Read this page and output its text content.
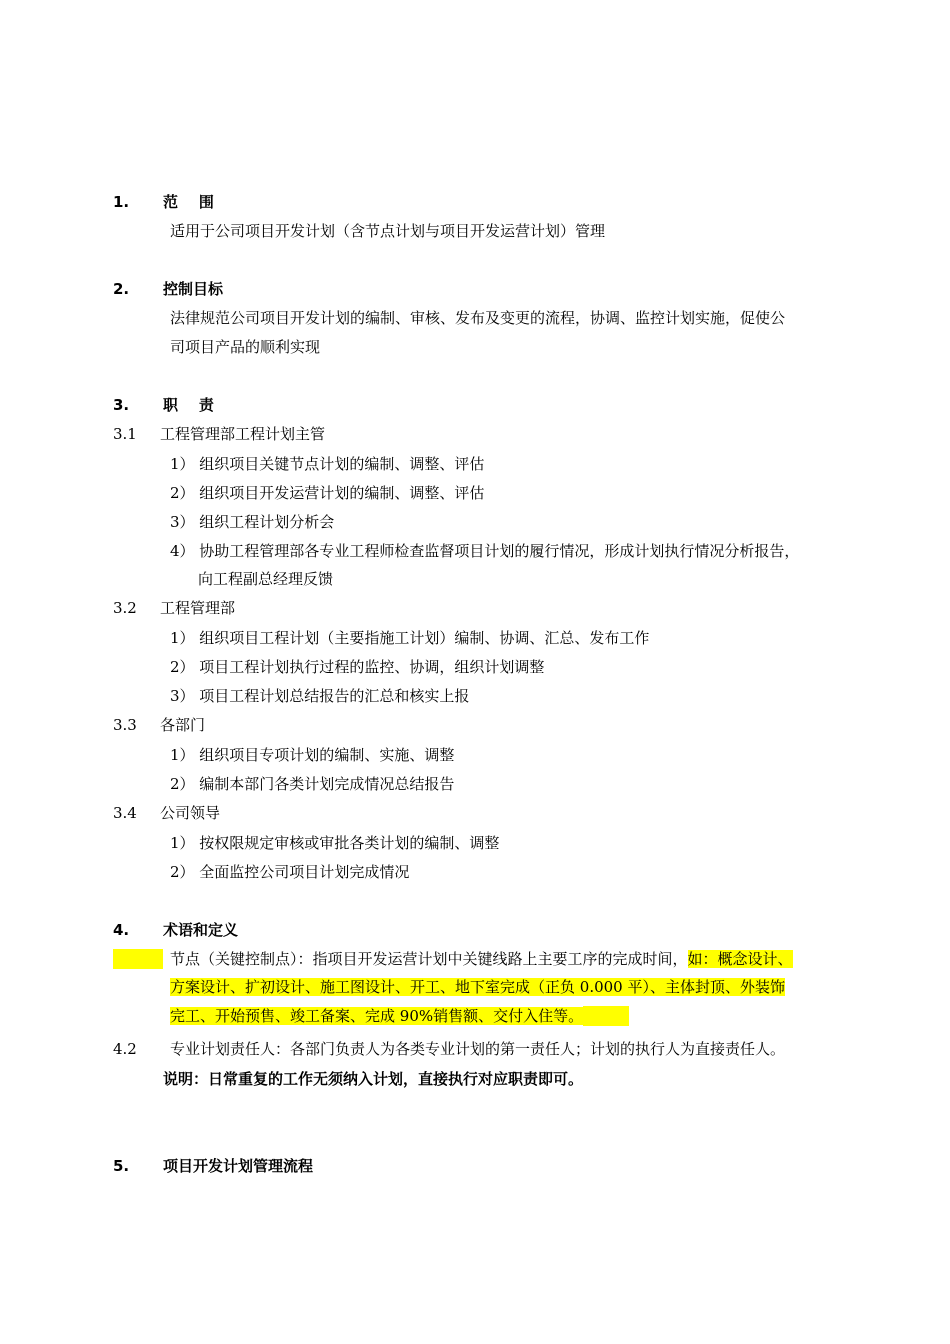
1. 范    围
适用于公司项目开发计划（含节点计划与项目开发运营计划）管理
2. 控制目标
法律规范公司项目开发计划的编制、审核、发布及变更的流程，协调、监控计划实施，促使公
司项目产品的顺利实现
3. 职    责
3.1 工程管理部工程计划主管
1） 组织项目关键节点计划的编制、调整、评估
2） 组织项目开发运营计划的编制、调整、评估
3） 组织工程计划分析会
4） 协助工程管理部各专业工程师检查监督项目计划的履行情况，形成计划执行情况分析报告，
向工程副总经理反馈
3.2 工程管理部
1） 组织项目工程计划（主要指施工计划）编制、协调、汇总、发布工作
2） 项目工程计划执行过程的监控、协调，组织计划调整
3） 项目工程计划总结报告的汇总和核实上报
3.3 各部门
1） 组织项目专项计划的编制、实施、调整
2） 编制本部门各类计划完成情况总结报告
3.4 公司领导
1） 按权限规定审核或审批各类计划的编制、调整
2） 全面监控公司项目计划完成情况
4. 术语和定义
节点（关键控制点）：指项目开发运营计划中关键线路上主要工序的完成时间，如：概念设计、
方案设计、扩初设计、施工图设计、开工、地下室完成（正负 0.000 平）、主体封顶、外装饰
完工、开始预售、竣工备案、完成 90%销售额、交付入住等。
4.2 专业计划责任人：各部门负责人为各类专业计划的第一责任人；计划的执行人为直接责任人。
说明：日常重复的工作无须纳入计划，直接执行对应职责即可。
5. 项目开发计划管理流程
